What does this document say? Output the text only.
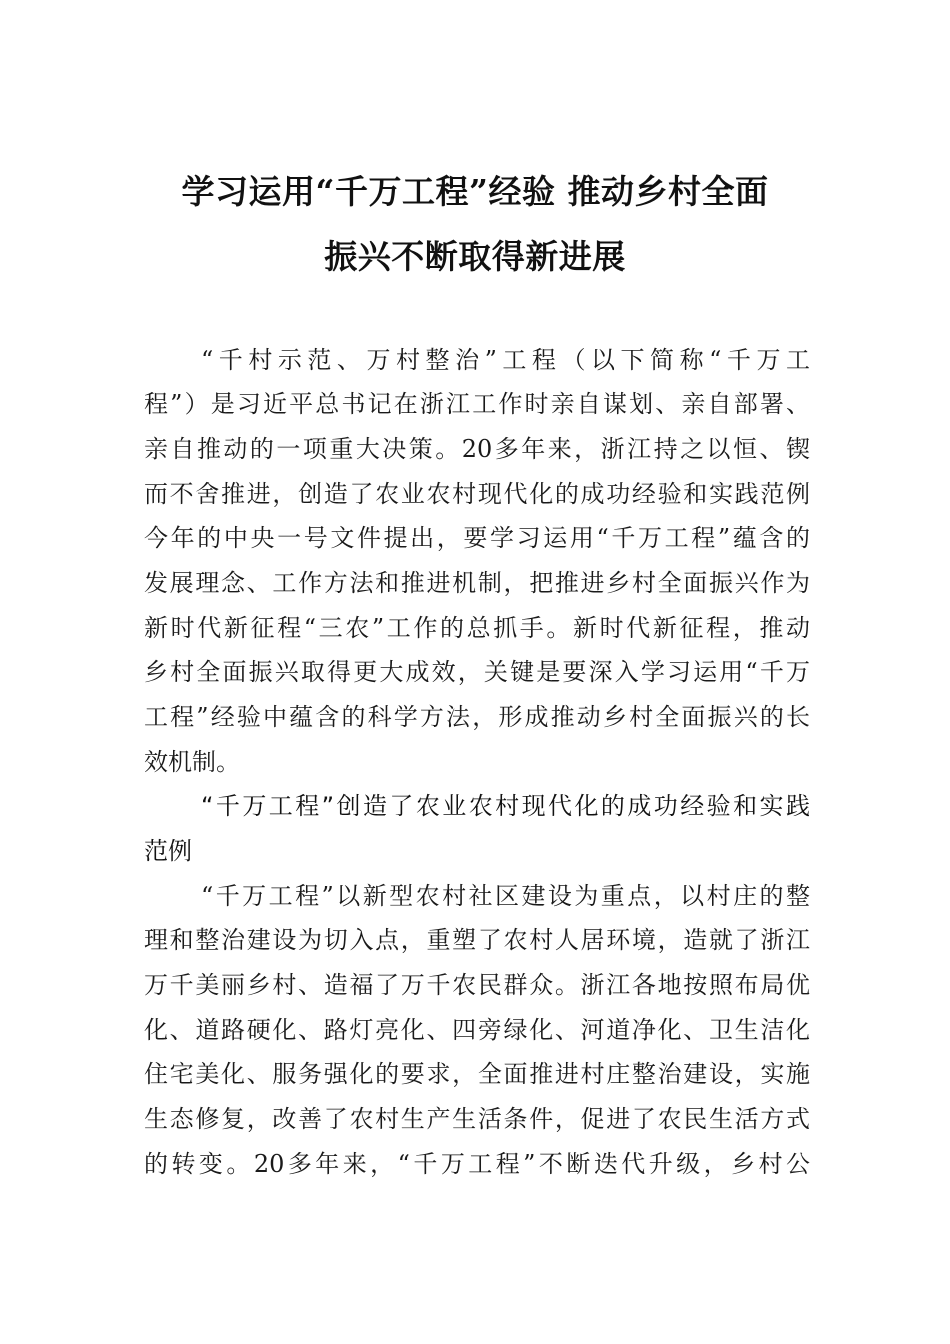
学习运用“千万工程”经验 推动乡村全面
振兴不断取得新进展
“千村示范、万村整治”工程（以下简称“千万工
程”）是习近平总书记在浙江工作时亲自谋划、亲自部署、
亲自推动的一项重大决策。20多年来，浙江持之以恒、锲
而不舍推进，创造了农业农村现代化的成功经验和实践范例
今年的中央一号文件提出，要学习运用“千万工程”蕴含的
发展理念、工作方法和推进机制，把推进乡村全面振兴作为
新时代新征程“三农”工作的总抓手。新时代新征程，推动
乡村全面振兴取得更大成效，关键是要深入学习运用“千万
工程”经验中蕴含的科学方法，形成推动乡村全面振兴的长
效机制。
“千万工程”创造了农业农村现代化的成功经验和实践
范例
“千万工程”以新型农村社区建设为重点，以村庄的整
理和整治建设为切入点，重塑了农村人居环境，造就了浙江
万千美丽乡村、造福了万千农民群众。浙江各地按照布局优
化、道路硬化、路灯亮化、四旁绿化、河道净化、卫生洁化
住宅美化、服务强化的要求，全面推进村庄整治建设，实施
生态修复，改善了农村生产生活条件，促进了农民生活方式
的转变。20多年来，“千万工程”不断迭代升级，乡村公
